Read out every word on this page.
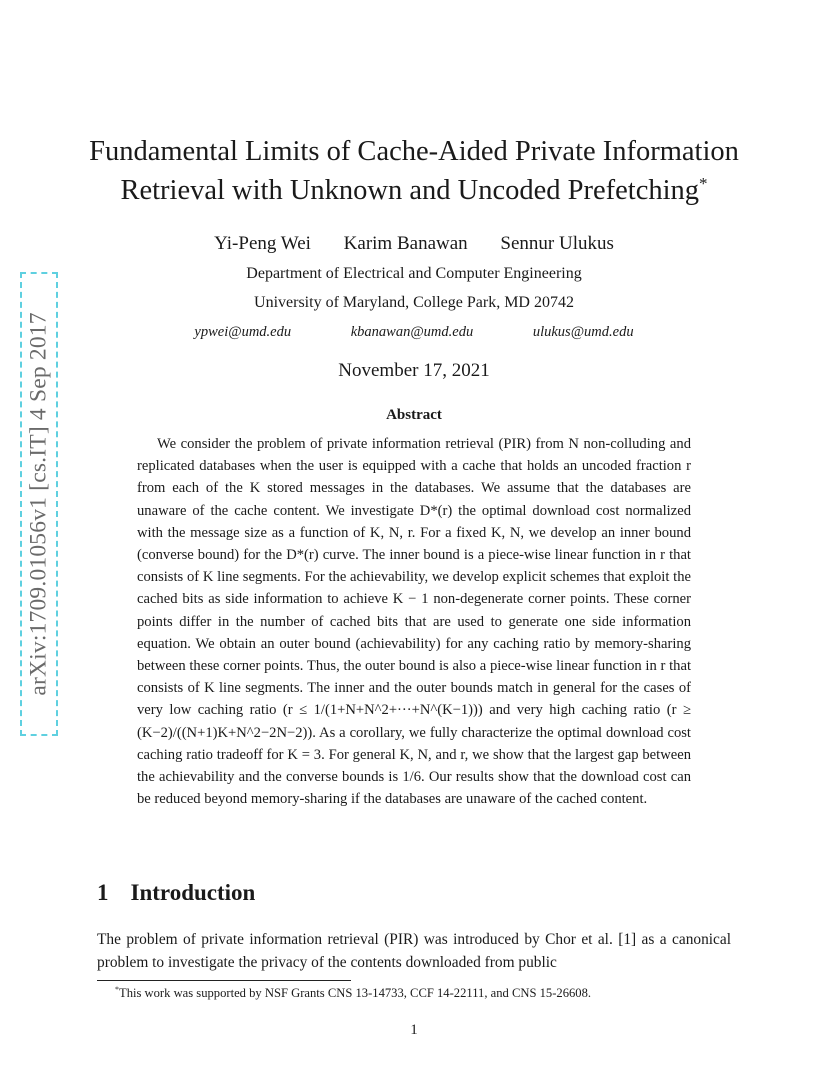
arXiv:1709.01056v1 [cs.IT] 4 Sep 2017
Fundamental Limits of Cache-Aided Private Information
Retrieval with Unknown and Uncoded Prefetching*
Yi-Peng Wei Karim Banawan Sennur Ulukus
Department of Electrical and Computer Engineering
University of Maryland, College Park, MD 20742
ypwei@umd.edu	kbanawan@umd.edu	ulukus@umd.edu
November 17, 2021
Abstract

We consider the problem of private information retrieval (PIR) from N non-colluding and replicated databases when the user is equipped with a cache that holds an uncoded fraction r from each of the K stored messages in the databases. We assume that the databases are unaware of the cache content. We investigate D*(r) the optimal download cost normalized with the message size as a function of K, N, r. For a fixed K, N, we develop an inner bound (converse bound) for the D*(r) curve. The inner bound is a piece-wise linear function in r that consists of K line segments. For the achievability, we develop explicit schemes that exploit the cached bits as side information to achieve K − 1 non-degenerate corner points. These corner points differ in the number of cached bits that are used to generate one side information equation. We obtain an outer bound (achievability) for any caching ratio by memory-sharing between these corner points. Thus, the outer bound is also a piece-wise linear function in r that consists of K line segments. The inner and the outer bounds match in general for the cases of very low caching ratio (r ≤ 1/(1+N+N^2+···+N^(K−1))) and very high caching ratio (r ≥ (K−2)/((N+1)K+N^2−2N−2)). As a corollary, we fully characterize the optimal download cost caching ratio tradeoff for K = 3. For general K, N, and r, we show that the largest gap between the achievability and the converse bounds is 1/6. Our results show that the download cost can be reduced beyond memory-sharing if the databases are unaware of the cached content.

1 Introduction

The problem of private information retrieval (PIR) was introduced by Chor et al. [1] as a canonical problem to investigate the privacy of the contents downloaded from public

*This work was supported by NSF Grants CNS 13-14733, CCF 14-22111, and CNS 15-26608.
1
